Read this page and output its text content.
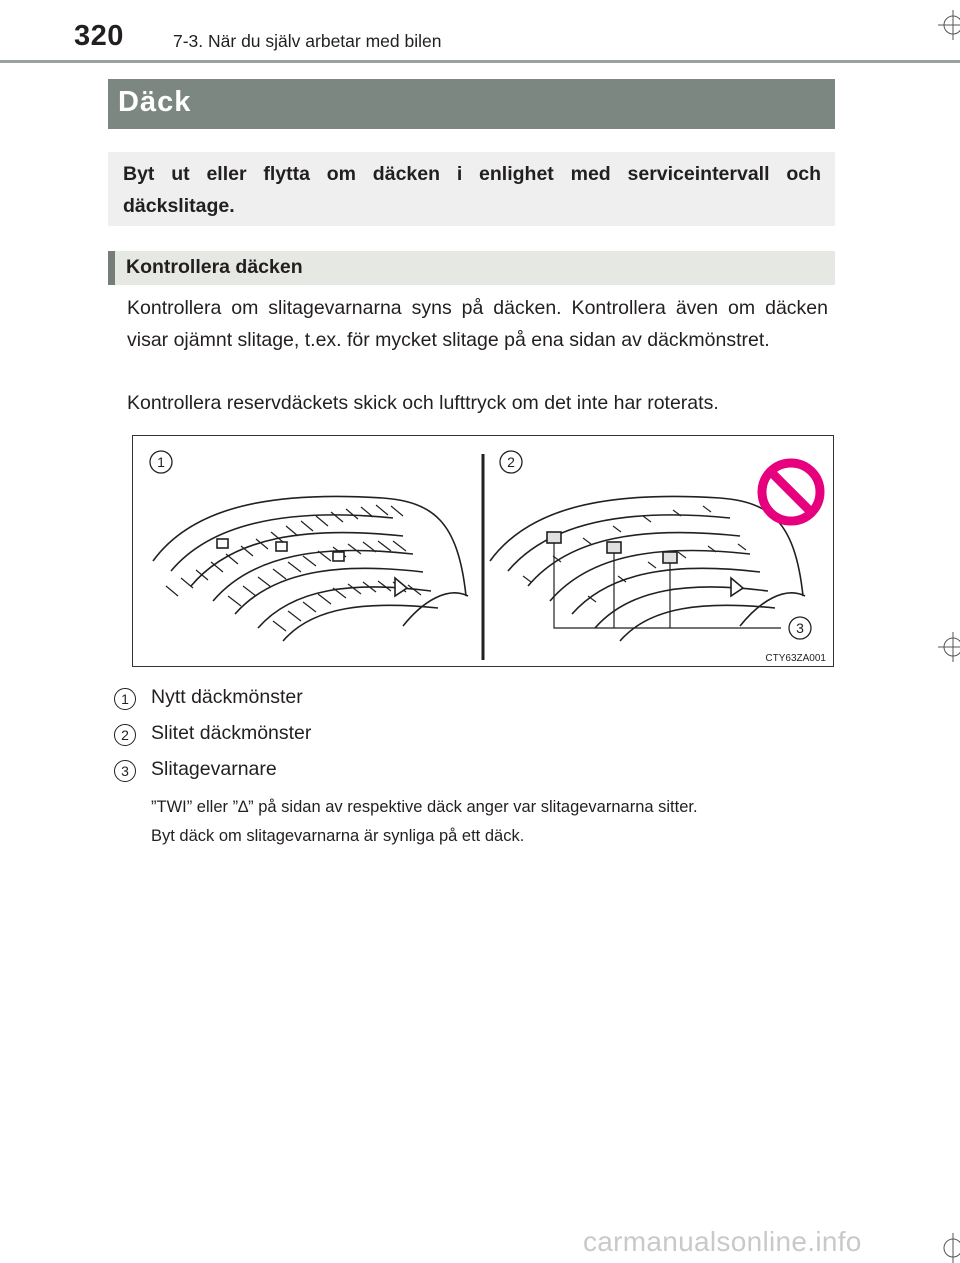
320	7-3. När du själv arbetar med bilen
Däck
Byt ut eller flytta om däcken i enlighet med serviceintervall och däckslitage.
Kontrollera däcken
Kontrollera om slitagevarnarna syns på däcken. Kontrollera även om däcken visar ojämnt slitage, t.ex. för mycket slitage på ena sidan av däckmönstret.
Kontrollera reservdäckets skick och lufttryck om det inte har roterats.
1	2
3
CTY63ZA001
1	Nytt däckmönster
2	Slitet däckmönster
3	Slitagevarnare
”TWI” eller ”∆” på sidan av respektive däck anger var slitagevarnarna sitter.
Byt däck om slitagevarnarna är synliga på ett däck.
carmanualsonline.info
